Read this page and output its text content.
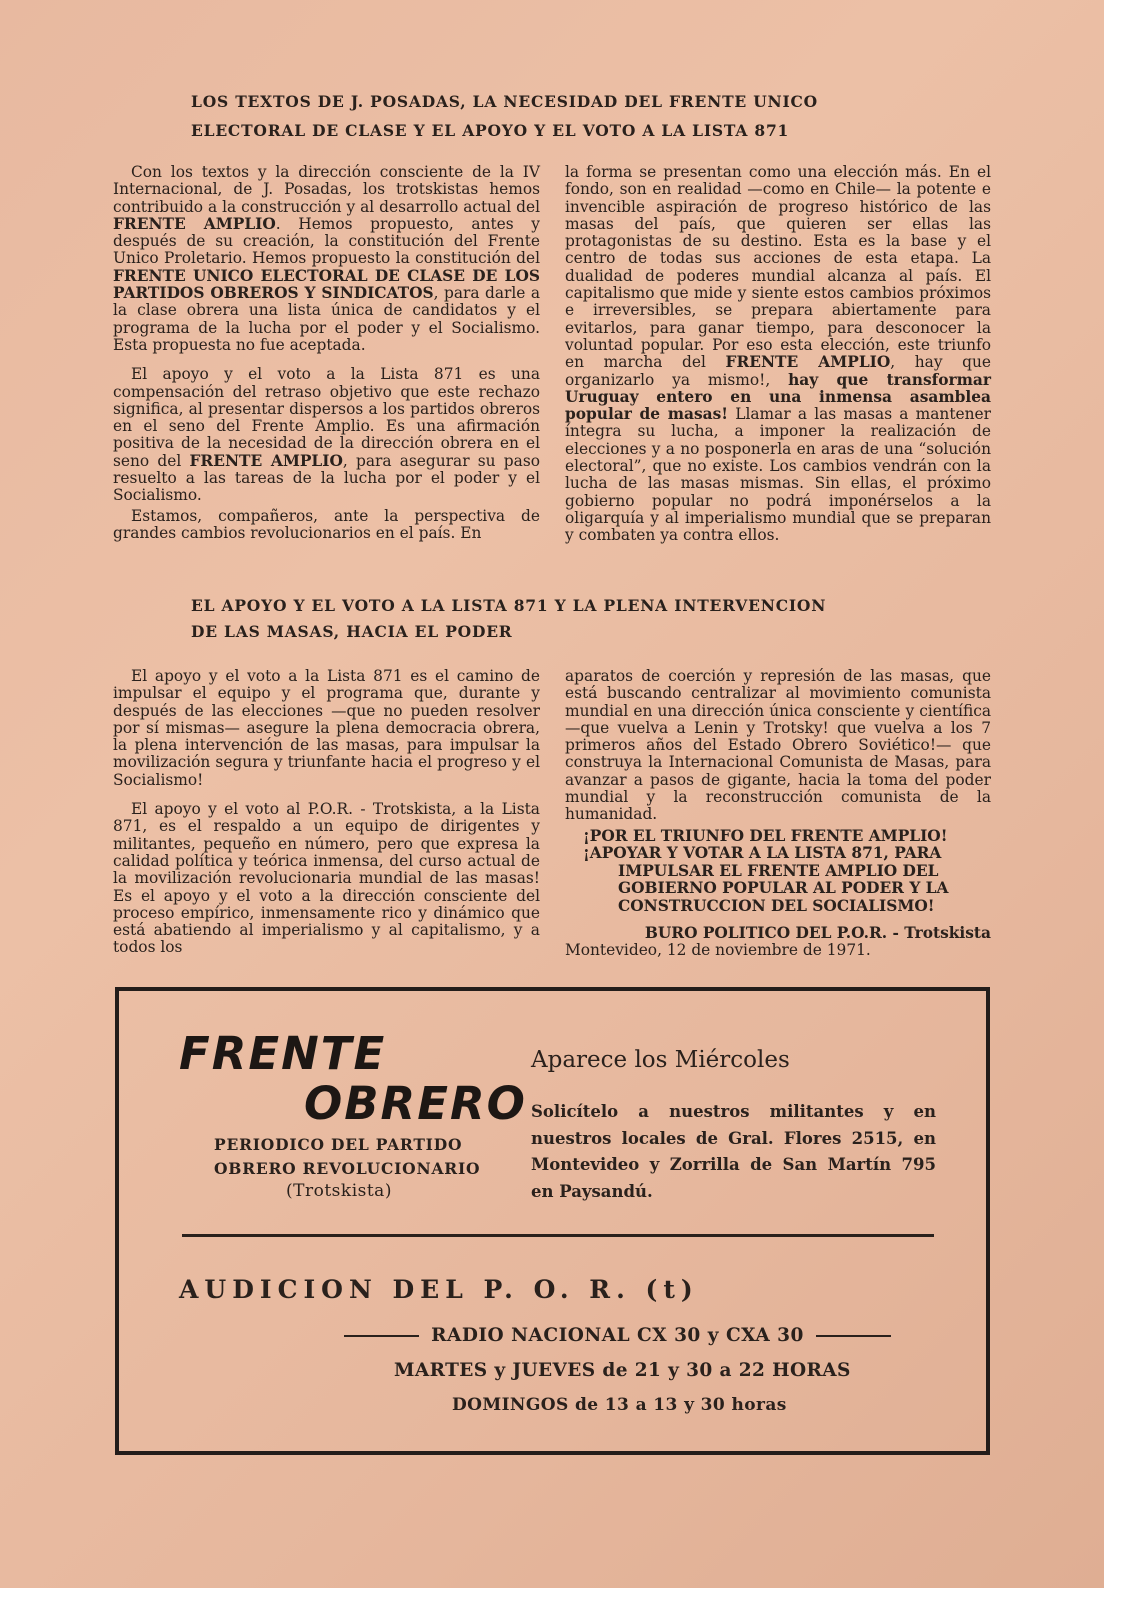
LOS TEXTOS DE J. POSADAS, LA NECESIDAD DEL FRENTE UNICO
ELECTORAL DE CLASE Y EL APOYO Y EL VOTO A LA LISTA 871

Con los textos y la dirección consciente de la IV Internacional, de J. Posadas, los trotskistas hemos contribuido a la construcción y al desarrollo actual del FRENTE AMPLIO. Hemos propuesto, antes y después de su creación, la constitución del Frente Unico Proletario. Hemos propuesto la constitución del FRENTE UNICO ELECTORAL DE CLASE DE LOS PARTIDOS OBREROS Y SINDICATOS, para darle a la clase obrera una lista única de candidatos y el programa de la lucha por el poder y el Socialismo. Esta propuesta no fue aceptada.

El apoyo y el voto a la Lista 871 es una compensación del retraso objetivo que este rechazo significa, al presentar dispersos a los partidos obreros en el seno del Frente Amplio. Es una afirmación positiva de la necesidad de la dirección obrera en el seno del FRENTE AMPLIO, para asegurar su paso resuelto a las tareas de la lucha por el poder y el Socialismo.

Estamos, compañeros, ante la perspectiva de grandes cambios revolucionarios en el país. En

la forma se presentan como una elección más. En el fondo, son en realidad —como en Chile— la potente e invencible aspiración de progreso histórico de las masas del país, que quieren ser ellas las protagonistas de su destino. Esta es la base y el centro de todas sus acciones de esta etapa. La dualidad de poderes mundial alcanza al país. El capitalismo que mide y siente estos cambios próximos e irreversibles, se prepara abiertamente para evitarlos, para ganar tiempo, para desconocer la voluntad popular. Por eso esta elección, este triunfo en marcha del FRENTE AMPLIO, hay que organizarlo ya mismo!, hay que transformar Uruguay entero en una inmensa asamblea popular de masas! Llamar a las masas a mantener íntegra su lucha, a imponer la realización de elecciones y a no posponerla en aras de una “solución electoral”, que no existe. Los cambios vendrán con la lucha de las masas mismas. Sin ellas, el próximo gobierno popular no podrá imponérselos a la oligarquía y al imperialismo mundial que se preparan y combaten ya contra ellos.

EL APOYO Y EL VOTO A LA LISTA 871 Y LA PLENA INTERVENCION
DE LAS MASAS, HACIA EL PODER

El apoyo y el voto a la Lista 871 es el camino de impulsar el equipo y el programa que, durante y después de las elecciones —que no pueden resolver por sí mismas— asegure la plena democracia obrera, la plena intervención de las masas, para impulsar la movilización segura y triunfante hacia el progreso y el Socialismo!

El apoyo y el voto al P.O.R. - Trotskista, a la Lista 871, es el respaldo a un equipo de dirigentes y militantes, pequeño en número, pero que expresa la calidad política y teórica inmensa, del curso actual de la movilización revolucionaria mundial de las masas! Es el apoyo y el voto a la dirección consciente del proceso empírico, inmensamente rico y dinámico que está abatiendo al imperialismo y al capitalismo, y a todos los

aparatos de coerción y represión de las masas, que está buscando centralizar al movimiento comunista mundial en una dirección única consciente y científica —que vuelva a Lenin y Trotsky! que vuelva a los 7 primeros años del Estado Obrero Soviético!— que construya la Internacional Comunista de Masas, para avanzar a pasos de gigante, hacia la toma del poder mundial y la reconstrucción comunista de la humanidad.

¡POR EL TRIUNFO DEL FRENTE AMPLIO!
¡APOYAR Y VOTAR A LA LISTA 871, PARA
IMPULSAR EL FRENTE AMPLIO DEL GOBIERNO POPULAR AL PODER Y LA CONSTRUCCION DEL SOCIALISMO!
BURO POLITICO DEL P.O.R. - Trotskista
Montevideo, 12 de noviembre de 1971.
FRENTE
OBRERO
PERIODICO DEL PARTIDO
OBRERO REVOLUCIONARIO
(Trotskista)
Aparece los Miércoles
Solicítelo a nuestros militantes y en nuestros locales de Gral. Flores 2515, en Montevideo y Zorrilla de San Martín 795 en Paysandú.
AUDICION DEL P. O. R. (t)
RADIO NACIONAL CX 30 y CXA 30
MARTES y JUEVES de 21 y 30 a 22 HORAS
DOMINGOS de 13 a 13 y 30 horas
